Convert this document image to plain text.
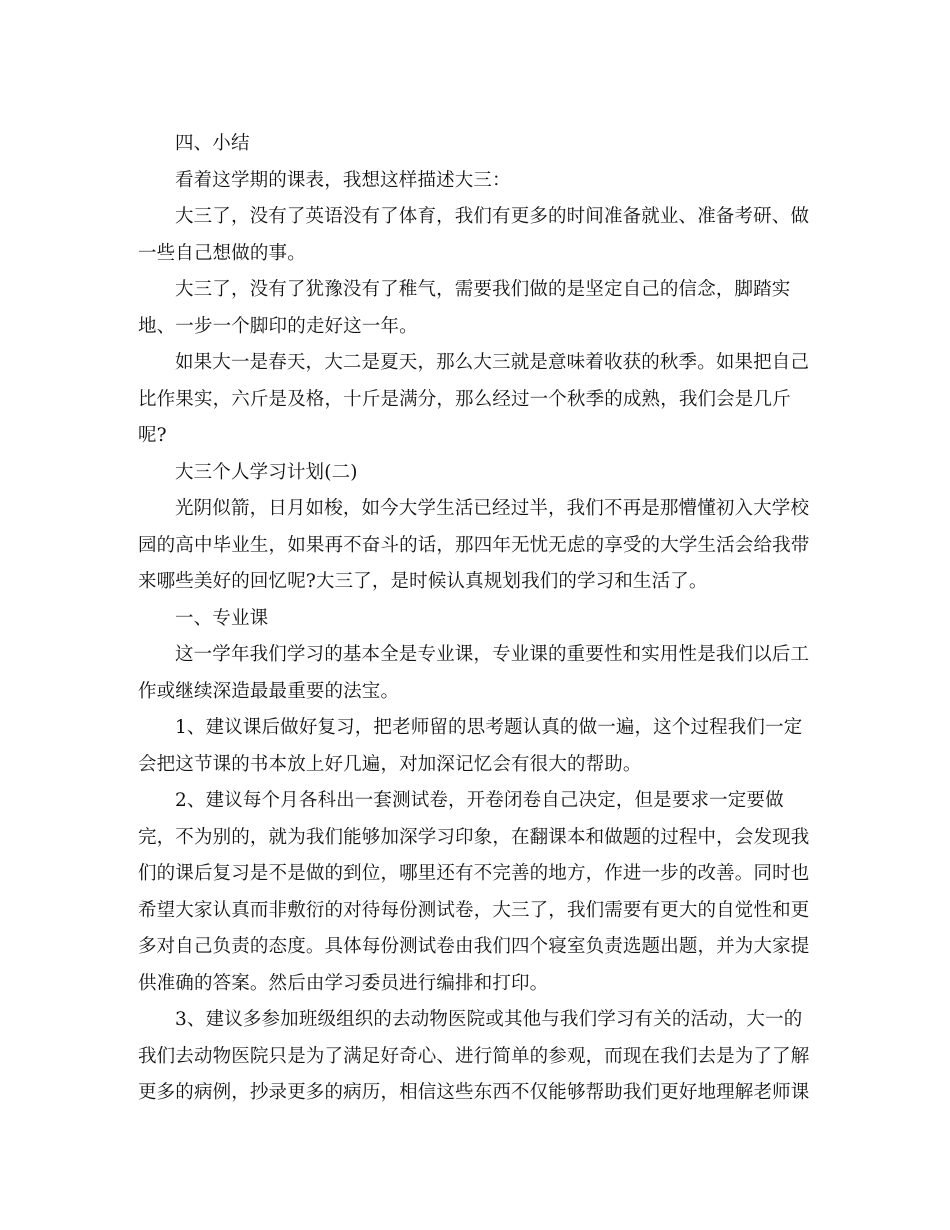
四、小结

看着这学期的课表，我想这样描述大三：

大三了，没有了英语没有了体育，我们有更多的时间准备就业、准备考研、做
一些自己想做的事。

大三了，没有了犹豫没有了稚气，需要我们做的是坚定自己的信念，脚踏实
地、一步一个脚印的走好这一年。

如果大一是春天，大二是夏天，那么大三就是意味着收获的秋季。如果把自己
比作果实，六斤是及格，十斤是满分，那么经过一个秋季的成熟，我们会是几斤
呢?

大三个人学习计划(二)

光阴似箭，日月如梭，如今大学生活已经过半，我们不再是那懵懂初入大学校
园的高中毕业生，如果再不奋斗的话，那四年无忧无虑的享受的大学生活会给我带
来哪些美好的回忆呢?大三了，是时候认真规划我们的学习和生活了。

一、专业课

这一学年我们学习的基本全是专业课，专业课的重要性和实用性是我们以后工
作或继续深造最最重要的法宝。

1、建议课后做好复习，把老师留的思考题认真的做一遍，这个过程我们一定
会把这节课的书本放上好几遍，对加深记忆会有很大的帮助。

2、建议每个月各科出一套测试卷，开卷闭卷自己决定，但是要求一定要做
完，不为别的，就为我们能够加深学习印象，在翻课本和做题的过程中，会发现我
们的课后复习是不是做的到位，哪里还有不完善的地方，作进一步的改善。同时也
希望大家认真而非敷衍的对待每份测试卷，大三了，我们需要有更大的自觉性和更
多对自己负责的态度。具体每份测试卷由我们四个寝室负责选题出题，并为大家提
供准确的答案。然后由学习委员进行编排和打印。

3、建议多参加班级组织的去动物医院或其他与我们学习有关的活动，大一的
我们去动物医院只是为了满足好奇心、进行简单的参观，而现在我们去是为了了解
更多的病例，抄录更多的病历，相信这些东西不仅能够帮助我们更好地理解老师课
